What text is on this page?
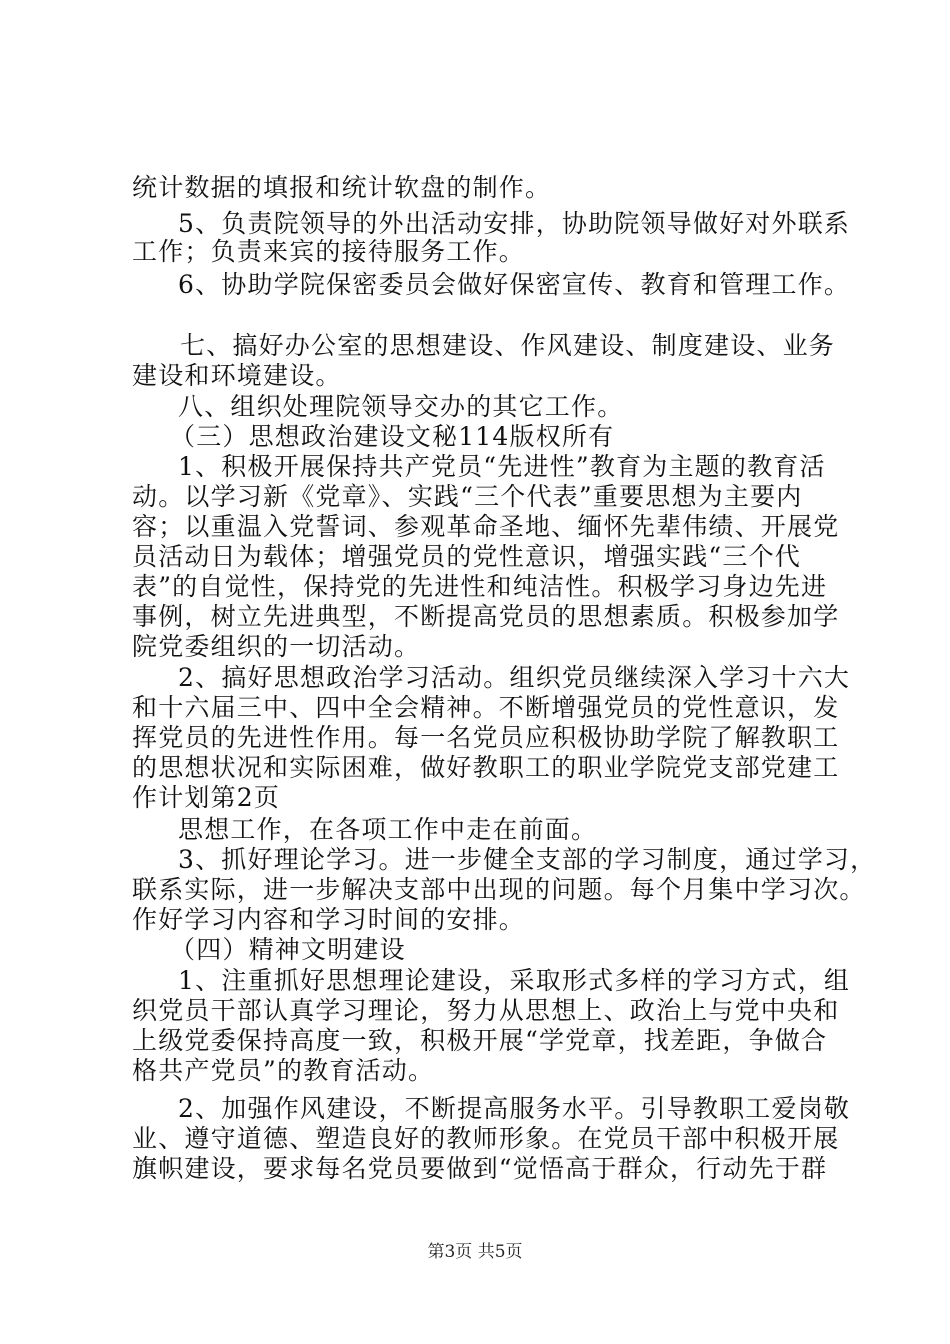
统计数据的填报和统计软盘的制作。
5、负责院领导的外出活动安排，协助院领导做好对外联系
工作；负责来宾的接待服务工作。
6、协助学院保密委员会做好保密宣传、教育和管理工作。
七、搞好办公室的思想建设、作风建设、制度建设、业务
建设和环境建设。
八、组织处理院领导交办的其它工作。
（三）思想政治建设文秘114版权所有
1、积极开展保持共产党员“先进性”教育为主题的教育活
动。以学习新《党章》、实践“三个代表”重要思想为主要内
容；以重温入党誓词、参观革命圣地、缅怀先辈伟绩、开展党
员活动日为载体；增强党员的党性意识，增强实践“三个代
表”的自觉性，保持党的先进性和纯洁性。积极学习身边先进
事例，树立先进典型，不断提高党员的思想素质。积极参加学
院党委组织的一切活动。
2、搞好思想政治学习活动。组织党员继续深入学习十六大
和十六届三中、四中全会精神。不断增强党员的党性意识，发
挥党员的先进性作用。每一名党员应积极协助学院了解教职工
的思想状况和实际困难，做好教职工的职业学院党支部党建工
作计划第2页
思想工作，在各项工作中走在前面。
3、抓好理论学习。进一步健全支部的学习制度，通过学习，
联系实际，进一步解决支部中出现的问题。每个月集中学习次。
作好学习内容和学习时间的安排。
（四）精神文明建设
1、注重抓好思想理论建设，采取形式多样的学习方式，组
织党员干部认真学习理论，努力从思想上、政治上与党中央和
上级党委保持高度一致，积极开展“学党章，找差距，争做合
格共产党员”的教育活动。
2、加强作风建设，不断提高服务水平。引导教职工爱岗敬
业、遵守道德、塑造良好的教师形象。在党员干部中积极开展
旗帜建设，要求每名党员要做到“觉悟高于群众，行动先于群
第3页 共5页
